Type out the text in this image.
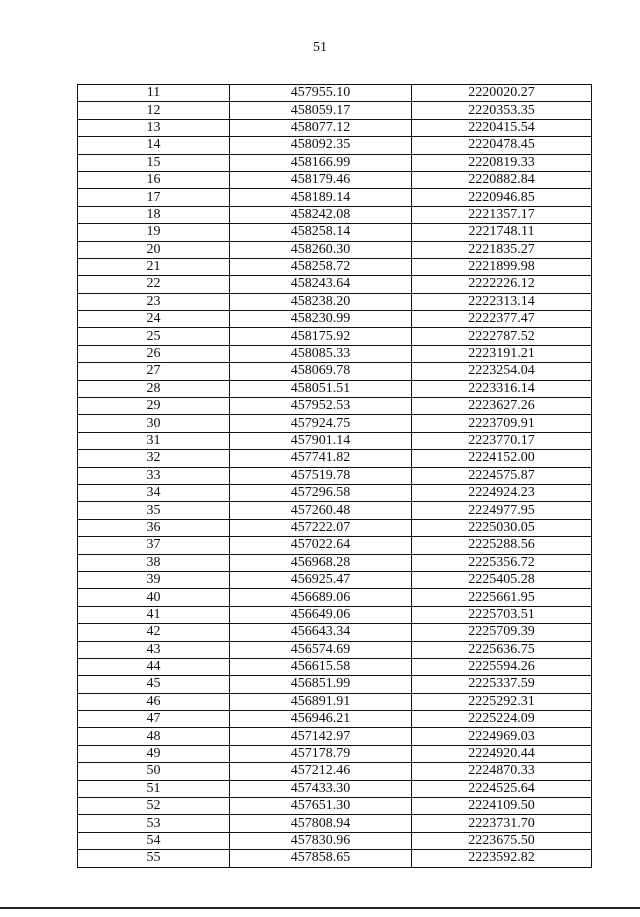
51
11	457955.10	2220020.27
12	458059.17	2220353.35
13	458077.12	2220415.54
14	458092.35	2220478.45
15	458166.99	2220819.33
16	458179.46	2220882.84
17	458189.14	2220946.85
18	458242.08	2221357.17
19	458258.14	2221748.11
20	458260.30	2221835.27
21	458258.72	2221899.98
22	458243.64	2222226.12
23	458238.20	2222313.14
24	458230.99	2222377.47
25	458175.92	2222787.52
26	458085.33	2223191.21
27	458069.78	2223254.04
28	458051.51	2223316.14
29	457952.53	2223627.26
30	457924.75	2223709.91
31	457901.14	2223770.17
32	457741.82	2224152.00
33	457519.78	2224575.87
34	457296.58	2224924.23
35	457260.48	2224977.95
36	457222.07	2225030.05
37	457022.64	2225288.56
38	456968.28	2225356.72
39	456925.47	2225405.28
40	456689.06	2225661.95
41	456649.06	2225703.51
42	456643.34	2225709.39
43	456574.69	2225636.75
44	456615.58	2225594.26
45	456851.99	2225337.59
46	456891.91	2225292.31
47	456946.21	2225224.09
48	457142.97	2224969.03
49	457178.79	2224920.44
50	457212.46	2224870.33
51	457433.30	2224525.64
52	457651.30	2224109.50
53	457808.94	2223731.70
54	457830.96	2223675.50
55	457858.65	2223592.82
